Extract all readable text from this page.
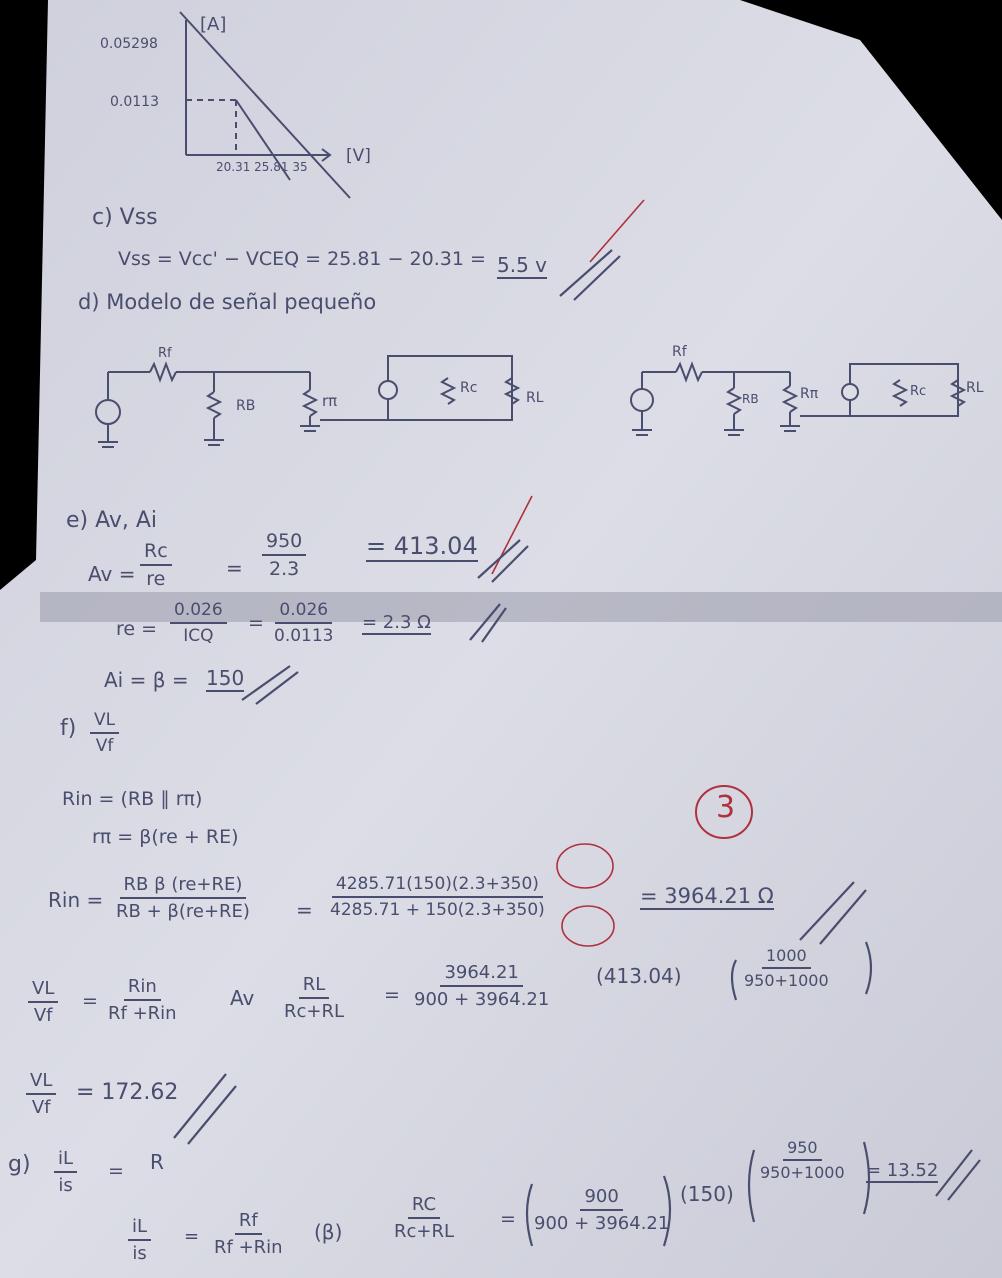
[A]
[V]
0.05298
0.0113
20.31 25.81 35
c) Vss
Vss = Vcc' − VCEQ = 25.81 − 20.31 = 5.5 v
d) Modelo de señal pequeño
Rf
RB	rπ
Rc
RL
Rf
RB	Rπ	Rc	RL
e) Av, Ai
$Av = \frac{Rc}{re}$	= $\frac{950}{2.3} = 413.04$
re =
0.026
ICQ
= $\frac{0.026}{0.0113} = 2.3$ Ω
Ai = β = 150
$f) \frac{VL}{Vf}$
Rin = (RB ∥ rπ)
rπ = β(re + RE)
3
Rin = $\frac{\text{RB β (re+RE)}}{RB + \beta(re+RE)} = \frac{4285.71(150)(2.3+350)}{4285.71 + 150(2.3+350)}$	= 3964.21 Ω
$\frac{VL}{Vf}$ =
Rin
Rf +Rin
Av $\frac{RL}{Rc+RL} = \frac{3964.21}{900 + 3964.21} (413.04)$	$\frac{1000}{950+1000}$
$\frac{VL}{Vf} = 172.62$
$g) \frac{iL}{is} = R$
$\frac{iL}{is}$ =
Rf
Rf +Rin
(β)	$\frac{RC}{Rc+RL} = \frac{900}{900 + 3964.21} (150)$
$\frac{950}{950+1000} = 13.52$
